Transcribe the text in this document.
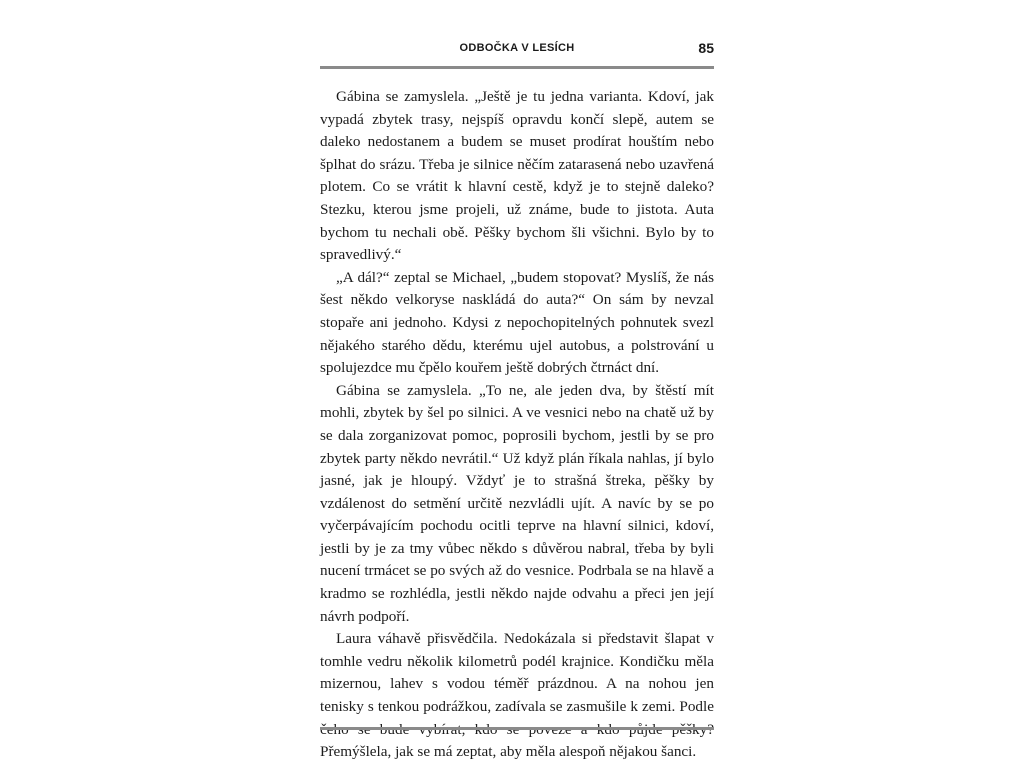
ODBOČKA V LESÍCH	85

Gábina se zamyslela. „Ještě je tu jedna varianta. Kdoví, jak vypadá zbytek trasy, nejspíš opravdu končí slepě, autem se daleko nedostanem a budem se muset prodírat houštím nebo šplhat do srázu. Třeba je silnice něčím zatarasená nebo uzavřená plotem. Co se vrátit k hlavní cestě, když je to stejně daleko? Stezku, kterou jsme projeli, už známe, bude to jistota. Auta bychom tu nechali obě. Pěšky bychom šli všichni. Bylo by to spravedlivý.“

„A dál?“ zeptal se Michael, „budem stopovat? Myslíš, že nás šest někdo velkoryse naskládá do auta?“ On sám by nevzal stopaře ani jednoho. Kdysi z nepochopitelných pohnutek svezl nějakého starého dědu, kterému ujel autobus, a polstrování u spolujezdce mu čpělo kouřem ještě dobrých čtrnáct dní.

Gábina se zamyslela. „To ne, ale jeden dva, by štěstí mít mohli, zbytek by šel po silnici. A ve vesnici nebo na chatě už by se dala zorganizovat pomoc, poprosili bychom, jestli by se pro zbytek party někdo nevrátil.“ Už když plán říkala nahlas, jí bylo jasné, jak je hloupý. Vždyť je to strašná štreka, pěšky by vzdálenost do setmění určitě nezvládli ujít. A navíc by se po vyčerpávajícím pochodu ocitli teprve na hlavní silnici, kdoví, jestli by je za tmy vůbec někdo s důvěrou nabral, třeba by byli nucení trmácet se po svých až do vesnice. Podrbala se na hlavě a kradmo se rozhlédla, jestli někdo najde odvahu a přeci jen její návrh podpoří.

Laura váhavě přisvědčila. Nedokázala si představit šlapat v tomhle vedru několik kilometrů podél krajnice. Kondičku měla mizernou, lahev s vodou téměř prázdnou. A na nohou jen tenisky s tenkou podrážkou, zadívala se zasmušile k zemi. Podle Přemýšlela, jak se má zeptat, aby měla alespoň nějakou šanci.
